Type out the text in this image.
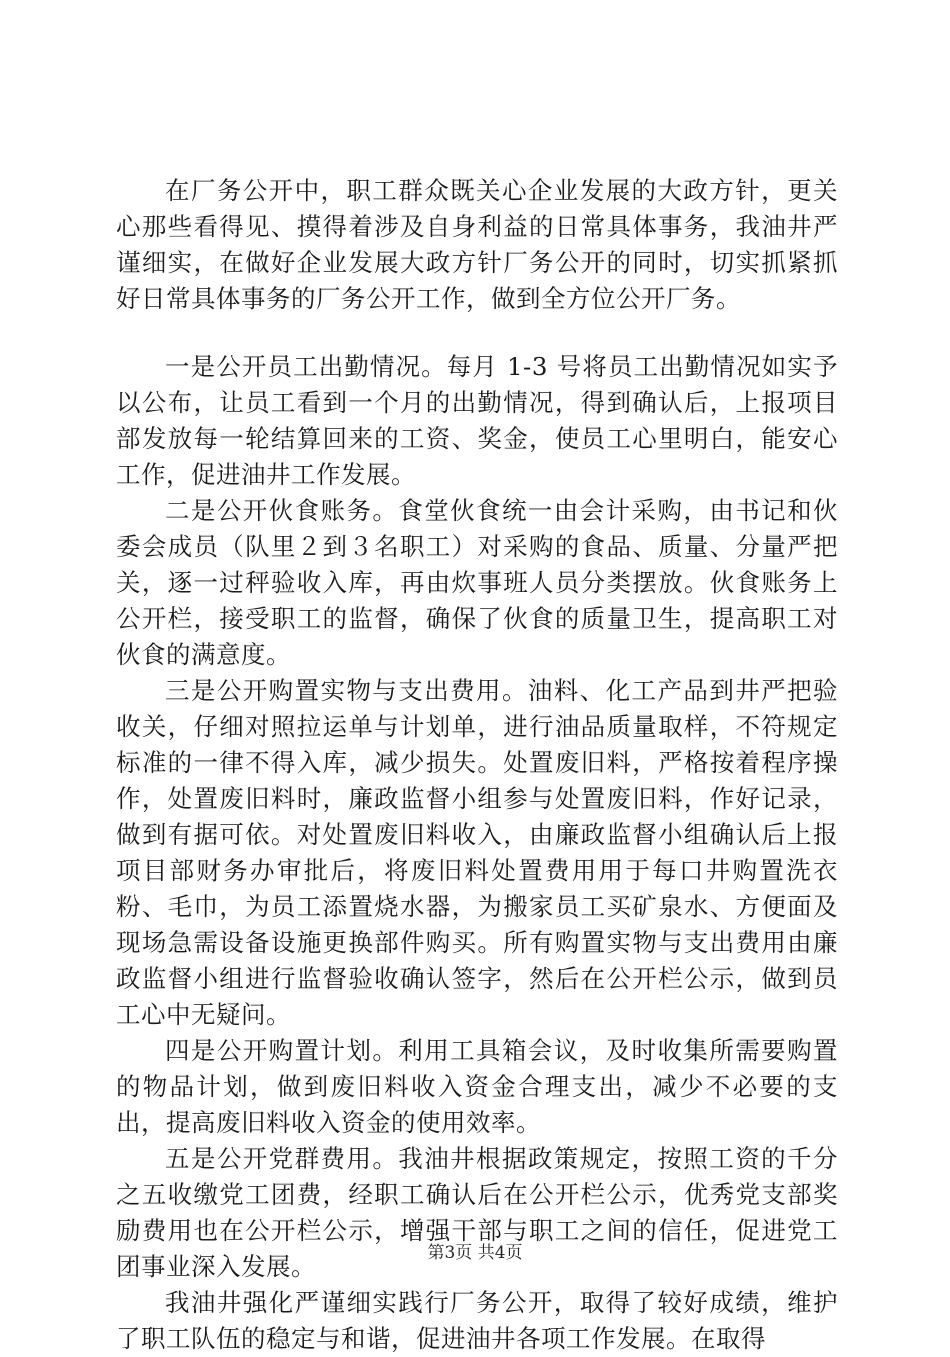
在厂务公开中，职工群众既关心企业发展的大政方针，更关心那些看得见、摸得着涉及自身利益的日常具体事务，我油井严谨细实，在做好企业发展大政方针厂务公开的同时，切实抓紧抓好日常具体事务的厂务公开工作，做到全方位公开厂务。

一是公开员工出勤情况。每月 1-3 号将员工出勤情况如实予以公布，让员工看到一个月的出勤情况，得到确认后，上报项目部发放每一轮结算回来的工资、奖金，使员工心里明白，能安心工作，促进油井工作发展。

二是公开伙食账务。食堂伙食统一由会计采购，由书记和伙委会成员（队里２到３名职工）对采购的食品、质量、分量严把关，逐一过秤验收入库，再由炊事班人员分类摆放。伙食账务上公开栏，接受职工的监督，确保了伙食的质量卫生，提高职工对伙食的满意度。

三是公开购置实物与支出费用。油料、化工产品到井严把验收关，仔细对照拉运单与计划单，进行油品质量取样，不符规定标准的一律不得入库，减少损失。处置废旧料，严格按着程序操作，处置废旧料时，廉政监督小组参与处置废旧料，作好记录，做到有据可依。对处置废旧料收入，由廉政监督小组确认后上报项目部财务办审批后，将废旧料处置费用用于每口井购置洗衣粉、毛巾，为员工添置烧水器，为搬家员工买矿泉水、方便面及现场急需设备设施更换部件购买。所有购置实物与支出费用由廉政监督小组进行监督验收确认签字，然后在公开栏公示，做到员工心中无疑问。

四是公开购置计划。利用工具箱会议，及时收集所需要购置的物品计划，做到废旧料收入资金合理支出，减少不必要的支出，提高废旧料收入资金的使用效率。

五是公开党群费用。我油井根据政策规定，按照工资的千分之五收缴党工团费，经职工确认后在公开栏公示，优秀党支部奖励费用也在公开栏公示，增强干部与职工之间的信任，促进党工团事业深入发展。

我油井强化严谨细实践行厂务公开，取得了较好成绩，维护了职工队伍的稳定与和谐，促进油井各项工作发展。在取得

第3页 共4页
